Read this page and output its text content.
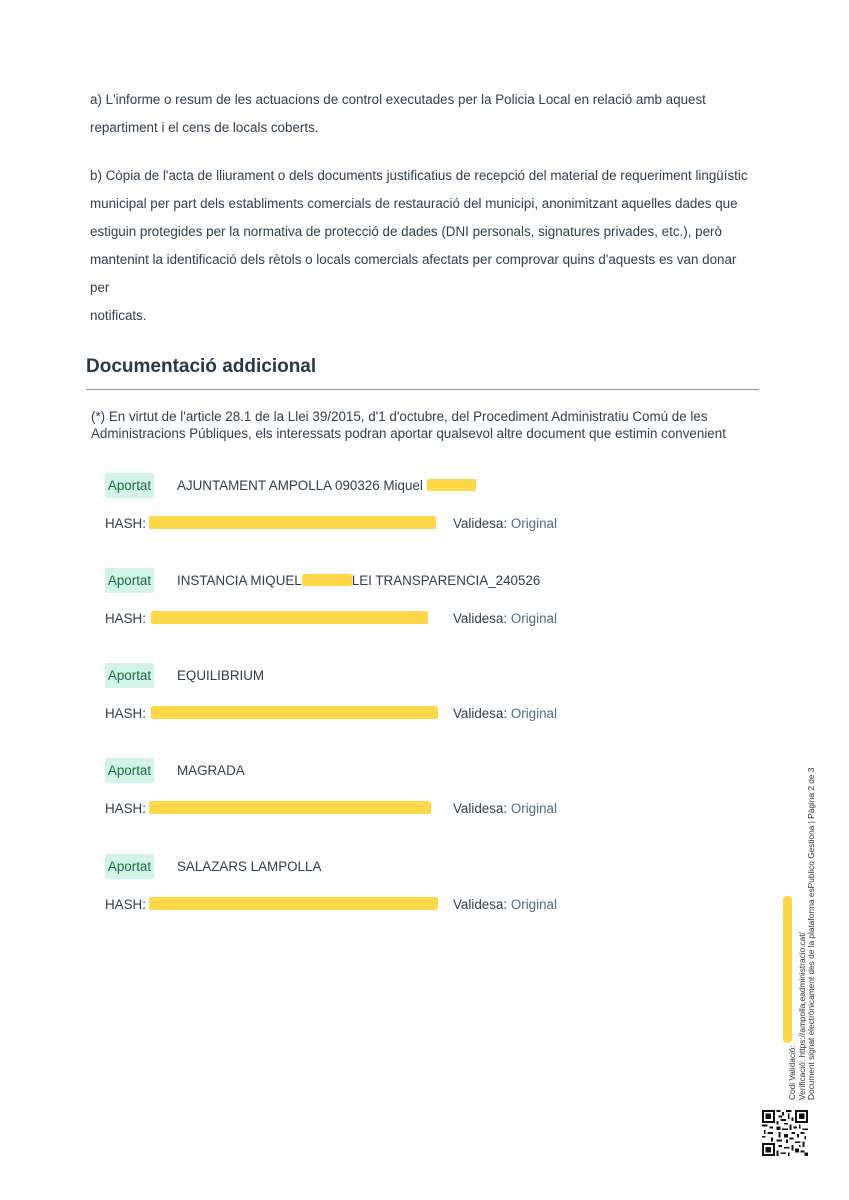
a) L'informe o resum de les actuacions de control executades per la Policia Local en relació amb aquest
repartiment i el cens de locals coberts.
b) Còpia de l'acta de lliurament o dels documents justificatius de recepció del material de requeriment lingüístic
municipal per part dels establiments comercials de restauració del municipi, anonimitzant aquelles dades que
estiguin protegides per la normativa de protecció de dades (DNI personals, signatures privades, etc.), però
mantenint la identificació dels rètols o locals comercials afectats per comprovar quins d'aquests es van donar per
notificats.
Documentació addicional
(*) En virtut de l'article 28.1 de la Llei 39/2015, d'1 d'octubre, del Procediment Administratiu Comú de les
Administracions Públiques, els interessats podran aportar qualsevol altre document que estimin convenient
Aportat AJUNTAMENT AMPOLLA 090326 Miquel
HASH:	Validesa: Original
Aportat INSTANCIA MIQUEL	LEI TRANSPARENCIA_240526
HASH:	Validesa: Original
Aportat EQUILIBRIUM
HASH:	Validesa: Original
Aportat MAGRADA
HASH:	Validesa: Original
Aportat SALAZARS LAMPOLLA
HASH:	Validesa: Original
Codi Validació: Verificació: https://ampolla.eadministracio.cat/ Document signat electrònicament des de la plataforma esPublico Gestiona | Pàgina 2 de 3
